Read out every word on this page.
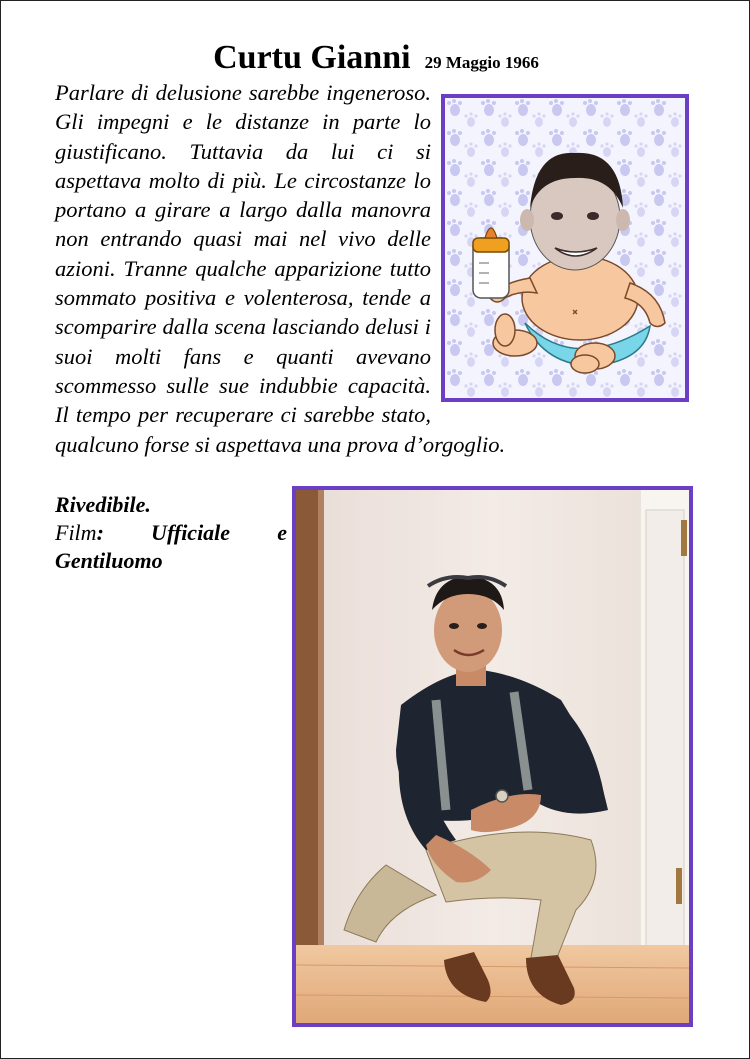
Curtu Gianni 29 Maggio 1966
Parlare di delusione sarebbe ingeneroso. Gli impegni e le distanze in parte lo giustificano. Tuttavia da lui ci si aspettava molto di più. Le circostanze lo portano a girare a largo dalla manovra non entrando quasi mai nel vivo delle azioni. Tranne qualche apparizione tutto sommato positiva e volenterosa, tende a scomparire dalla scena lasciando delusi i suoi molti fans e quanti avevano scommesso sulle sue indubbie capacità. Il tempo per recuperare ci sarebbe stato, qualcuno forse si aspettava una prova d’orgoglio.
Rivedibile.
Film: Ufficiale e Gentiluomo
